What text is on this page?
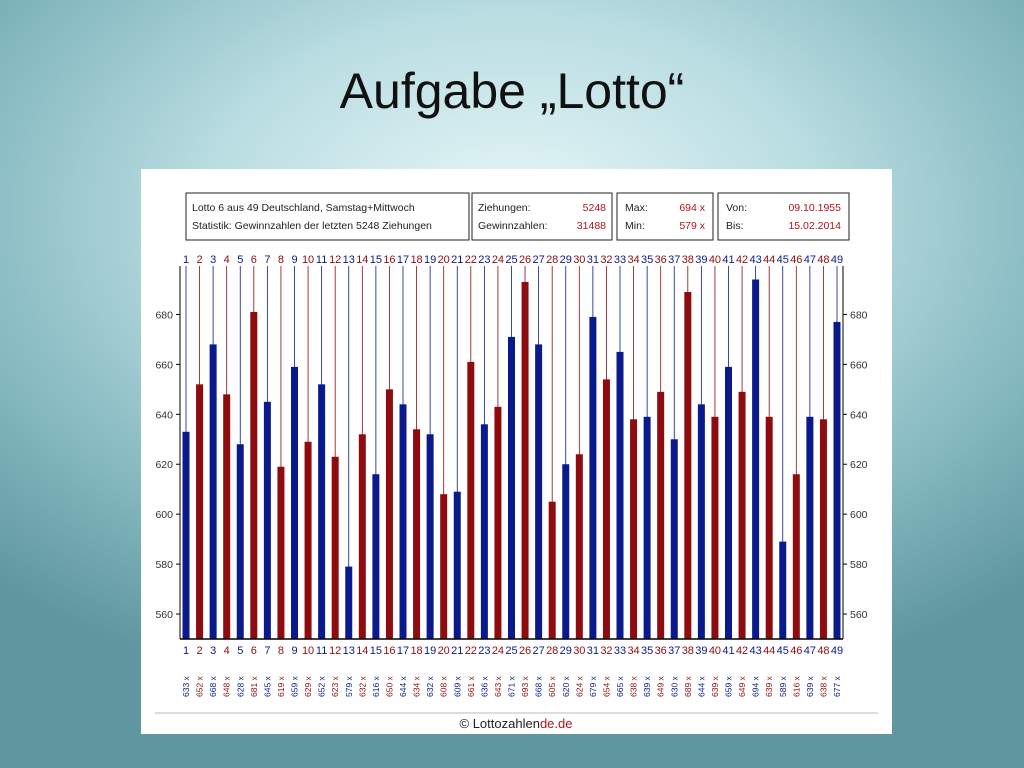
Aufgabe „Lotto“
Lotto 6 aus 49 Deutschland, Samstag+Mittwoch
Statistik: Gewinnzahlen der letzten 5248 Ziehungen
Ziehungen:	5248
Gewinnzahlen:	31488
Max:	694 x
Min:	579 x
Von:	09.10.1955
Bis:	15.02.2014
560	560
580	580
600	600
620	620
640	640
660	660
680	680
1
1
633 x
2
2
652 x
3
3
668 x
4
4
648 x
5
5
628 x
6
6
681 x
7
7
645 x
8
8
619 x
9
9
659 x
10
10
629 x
11
11
652 x
12
12
623 x
13
13
579 x
14
14
632 x
15
15
616 x
16
16
650 x
17
17
644 x
18
18
634 x
19
19
632 x
20
20
608 x
21
21
609 x
22
22
661 x
23
23
636 x
24
24
643 x
25
25
671 x
26
26
693 x
27
27
668 x
28
28
605 x
29
29
620 x
30
30
624 x
31
31
679 x
32
32
654 x
33
33
665 x
34
34
638 x
35
35
639 x
36
36
649 x
37
37
630 x
38
38
689 x
39
39
644 x
40
40
639 x
41
41
659 x
42
42
649 x
43
43
694 x
44
44
639 x
45
45
589 x
46
46
616 x
47
47
639 x
48
48
638 x
49
49
677 x
© Lottozahlende.de
